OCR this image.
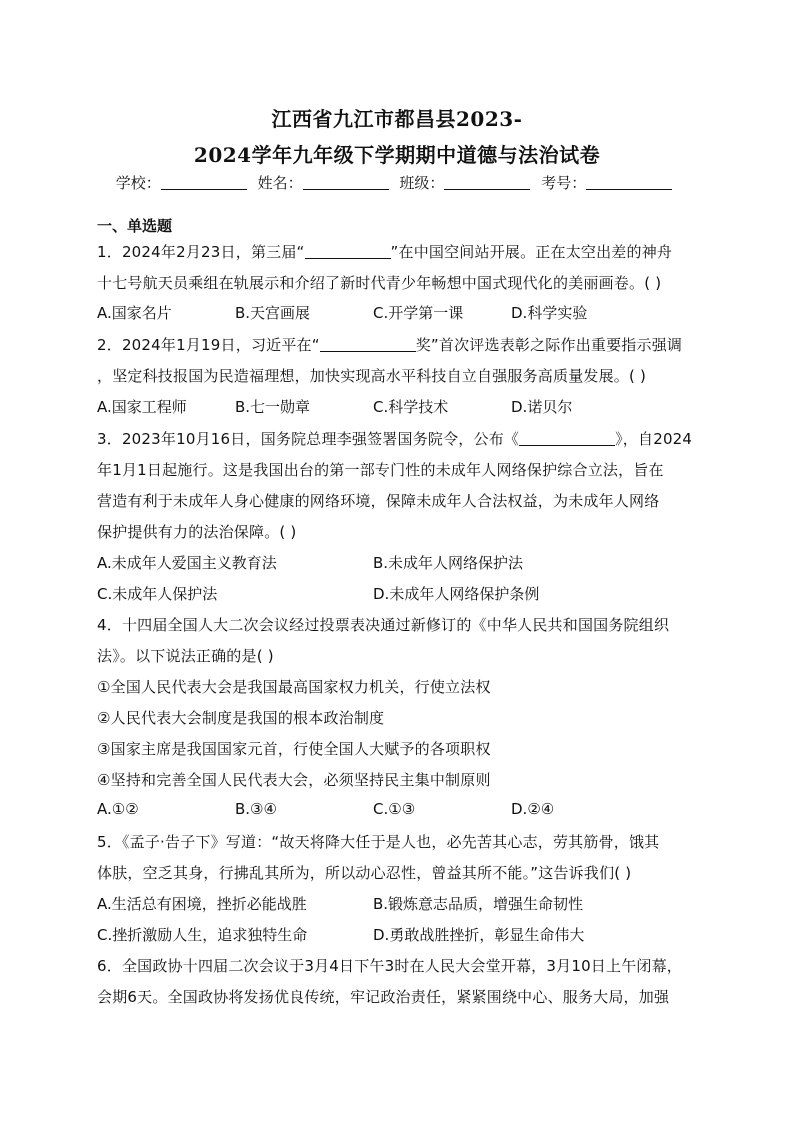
江西省九江市都昌县2023-
2024学年九年级下学期期中道德与法治试卷
学校：	姓名：	班级：	考号：
一、单选题
1．2024年2月23日，第三届“	”在中国空间站开展。正在太空出差的神舟
十七号航天员乘组在轨展示和介绍了新时代青少年畅想中国式现代化的美丽画卷。( )
A.国家名片	B.天宫画展	C.开学第一课	D.科学实验
2．2024年1月19日，习近平在“	奖”首次评选表彰之际作出重要指示强调
，坚定科技报国为民造福理想，加快实现高水平科技自立自强服务高质量发展。( )
A.国家工程师	B.七一勋章	C.科学技术	D.诺贝尔
3．2023年10月16日，国务院总理李强签署国务院令，公布《	》，自2024
年1月1日起施行。这是我国出台的第一部专门性的未成年人网络保护综合立法，旨在
营造有利于未成年人身心健康的网络环境，保障未成年人合法权益，为未成年人网络
保护提供有力的法治保障。( )
A.未成年人爱国主义教育法	B.未成年人网络保护法
C.未成年人保护法	D.未成年人网络保护条例
4．十四届全国人大二次会议经过投票表决通过新修订的《中华人民共和国国务院组织
法》。以下说法正确的是( )
①全国人民代表大会是我国最高国家权力机关，行使立法权
②人民代表大会制度是我国的根本政治制度
③国家主席是我国国家元首，行使全国人大赋予的各项职权
④坚持和完善全国人民代表大会，必须坚持民主集中制原则
A.①②	B.③④	C.①③	D.②④
5．《孟子·告子下》写道：“故天将降大任于是人也，必先苦其心志，劳其筋骨，饿其
体肤，空乏其身，行拂乱其所为，所以动心忍性，曾益其所不能。”这告诉我们( )
A.生活总有困境，挫折必能战胜	B.锻炼意志品质，增强生命韧性
C.挫折激励人生，追求独特生命	D.勇敢战胜挫折，彰显生命伟大
6．全国政协十四届二次会议于3月4日下午3时在人民大会堂开幕，3月10日上午闭幕，
会期6天。全国政协将发扬优良传统，牢记政治责任，紧紧围绕中心、服务大局，加强
